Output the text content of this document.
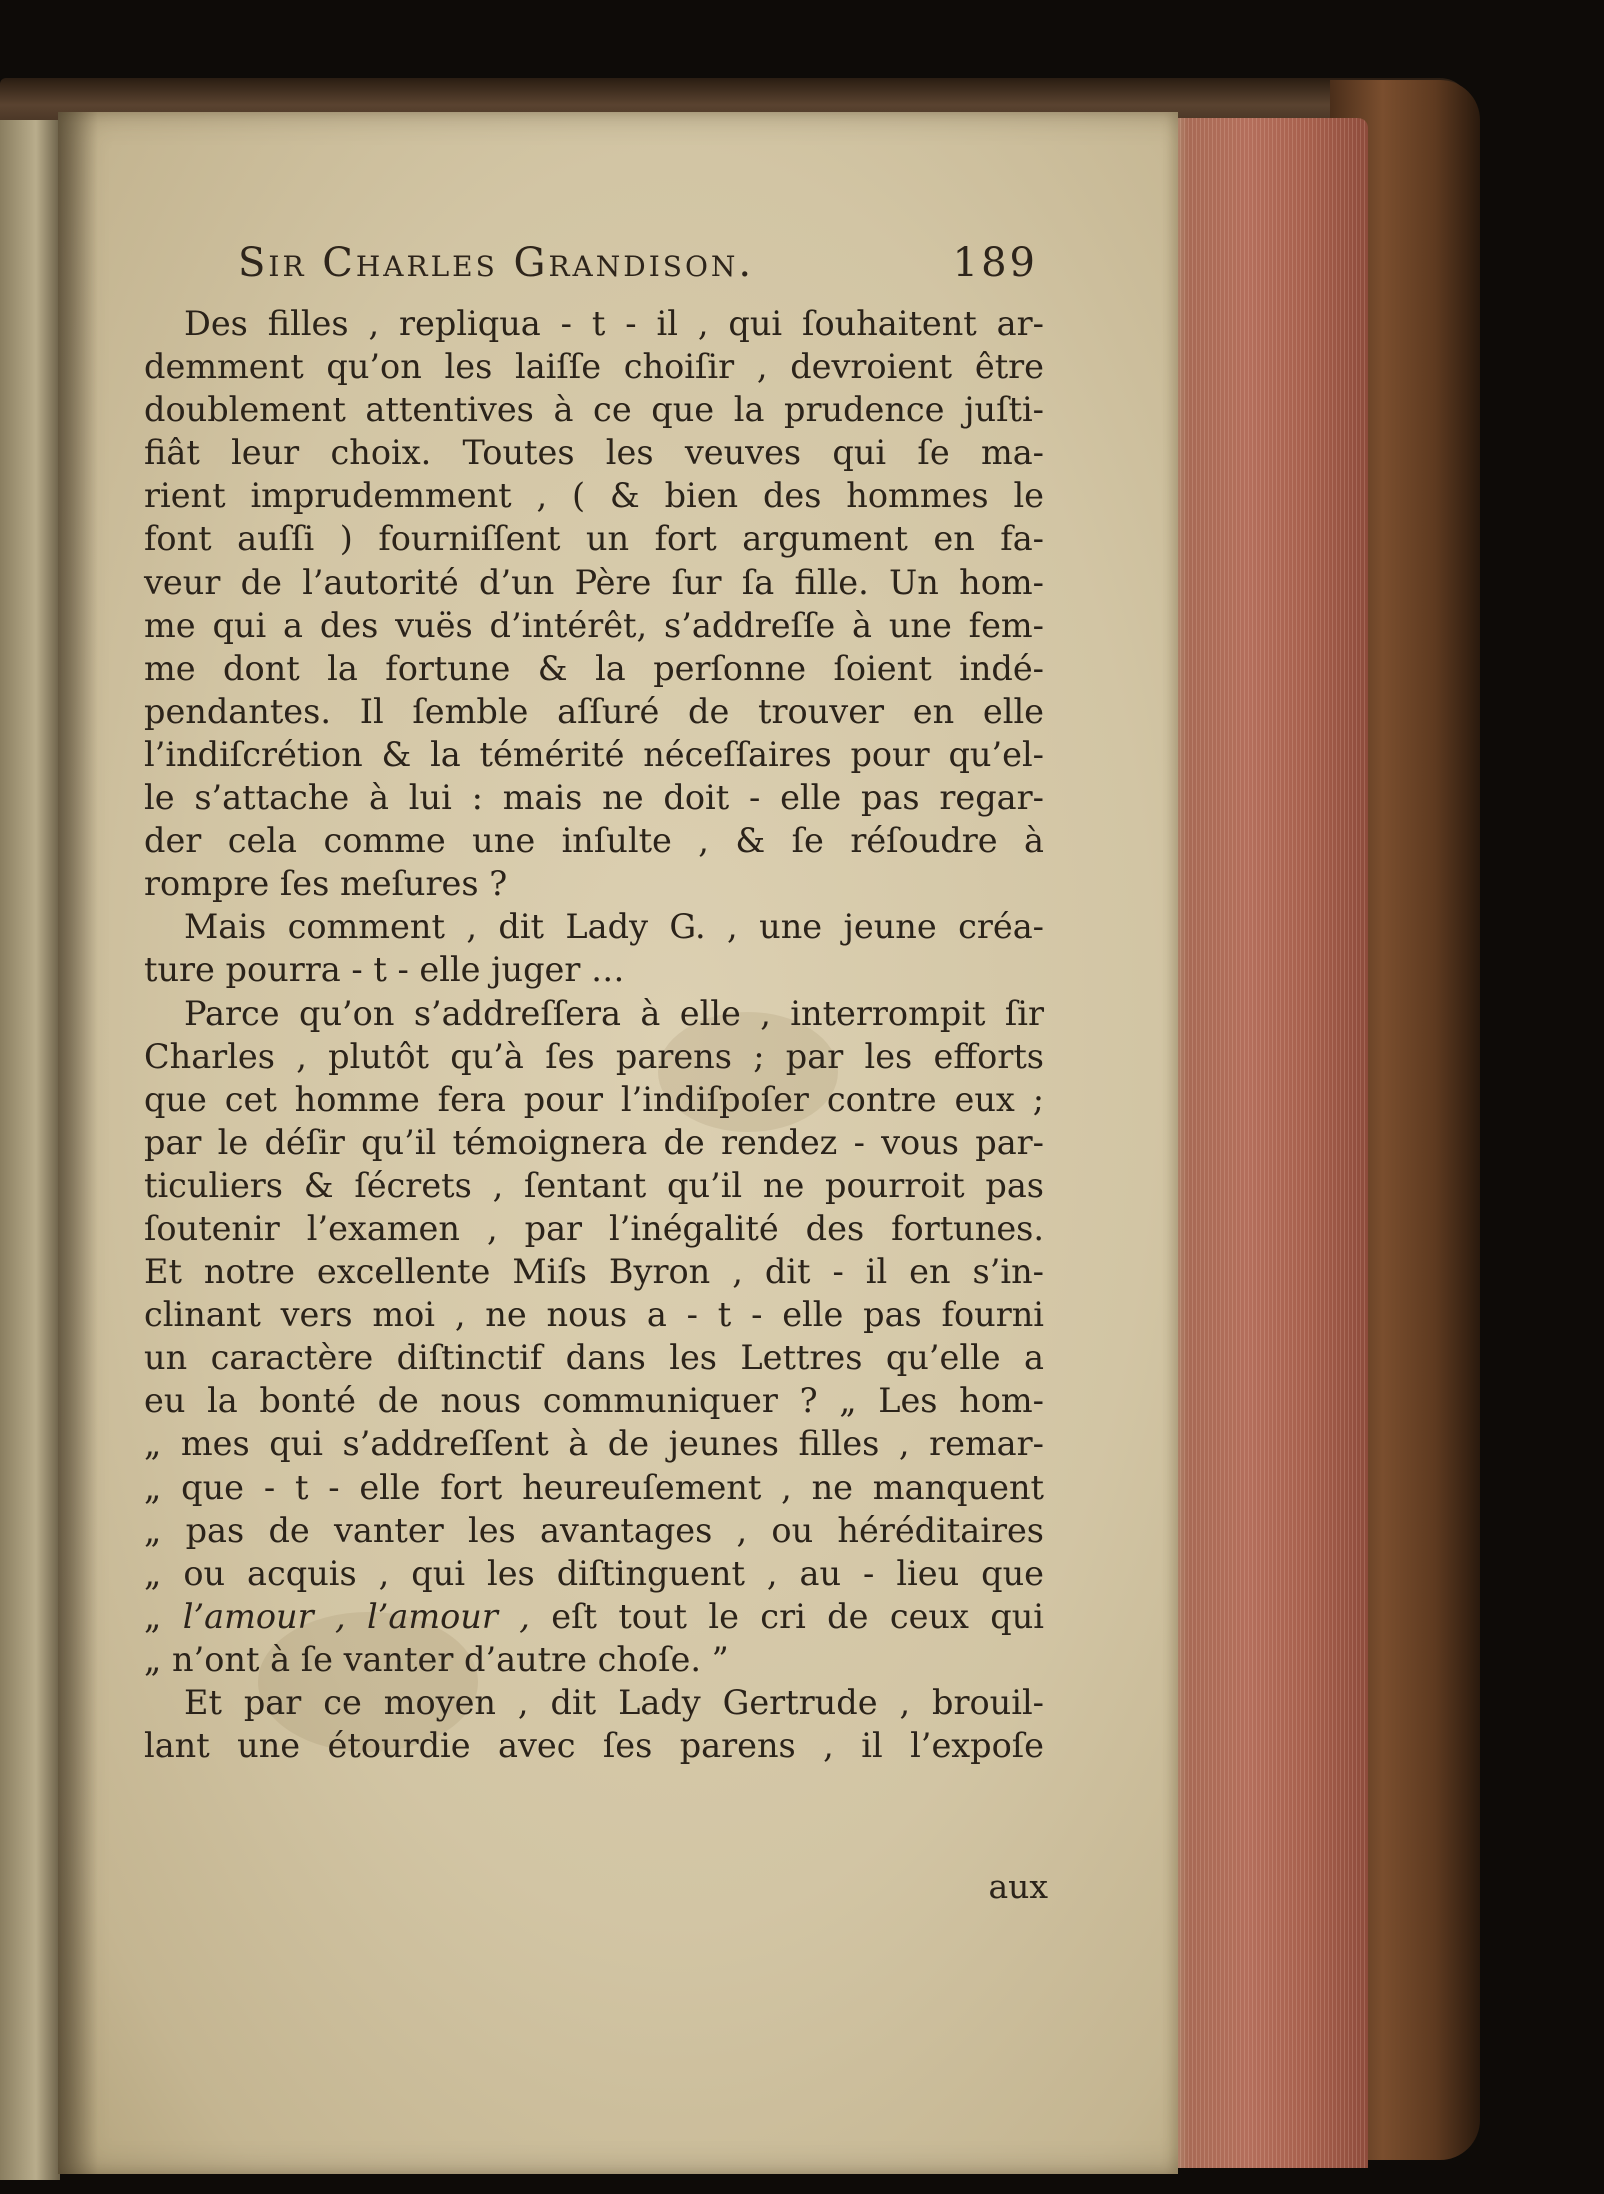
Sir Charles Grandison.	189
Des filles , repliqua - t - il , qui ſouhaitent ar-
demment qu’on les laiſſe choiſir , devroient être
doublement attentives à ce que la prudence juſti-
fiât leur choix. Toutes les veuves qui ſe ma-
rient imprudemment , ( & bien des hommes le
font auſſi ) fourniſſent un fort argument en fa-
veur de l’autorité d’un Père ſur ſa fille. Un hom-
me qui a des vuës d’intérêt, s’addreſſe à une fem-
me dont la fortune & la perſonne ſoient indé-
pendantes. Il ſemble aſſuré de trouver en elle
l’indiſcrétion & la témérité néceſſaires pour qu’el-
le s’attache à lui : mais ne doit - elle pas regar-
der cela comme une inſulte , & ſe réſoudre à
rompre ſes meſures ?
Mais comment , dit Lady G. , une jeune créa-
ture pourra - t - elle juger …
Parce qu’on s’addreſſera à elle , interrompit ſir
Charles , plutôt qu’à ſes parens ; par les efforts
que cet homme fera pour l’indiſpoſer contre eux ;
par le déſir qu’il témoignera de rendez - vous par-
ticuliers & ſécrets , ſentant qu’il ne pourroit pas
ſoutenir l’examen , par l’inégalité des fortunes.
Et notre excellente Miſs Byron , dit - il en s’in-
clinant vers moi , ne nous a - t - elle pas fourni
un caractère diſtinctif dans les Lettres qu’elle a
eu la bonté de nous communiquer ? „ Les hom-
„ mes qui s’addreſſent à de jeunes filles , remar-
„ que - t - elle fort heureuſement , ne manquent
„ pas de vanter les avantages , ou héréditaires
„ ou acquis , qui les diſtinguent , au - lieu que
„ l’amour , l’amour , eſt tout le cri de ceux qui
„ n’ont à ſe vanter d’autre choſe. ”
Et par ce moyen , dit Lady Gertrude , brouil-
lant une étourdie avec ſes parens , il l’expoſe
aux
